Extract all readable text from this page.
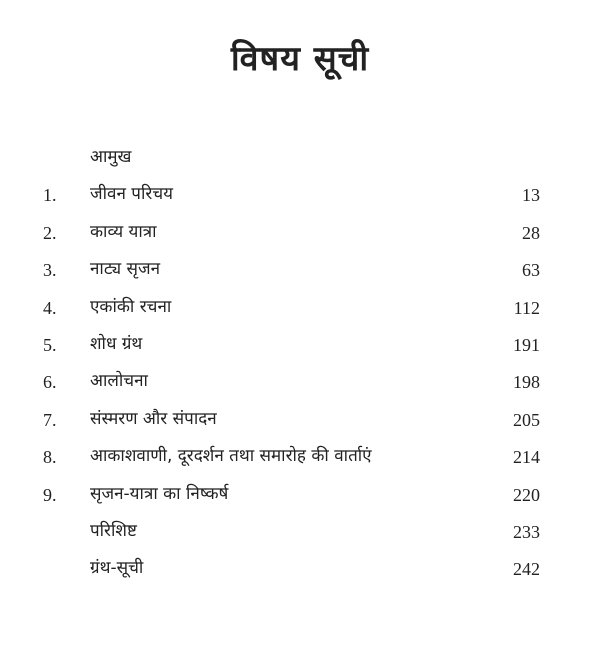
विषय सूची
आमुख
1. जीवन परिचय	13
2. काव्य यात्रा	28
3. नाट्य सृजन	63
4. एकांकी रचना	112
5. शोध ग्रंथ	191
6. आलोचना	198
7. संस्मरण और संपादन	205
8. आकाशवाणी, दूरदर्शन तथा समारोह की वार्ताएं	214
9. सृजन-यात्रा का निष्कर्ष	220
परिशिष्ट	233
ग्रंथ-सूची	242
